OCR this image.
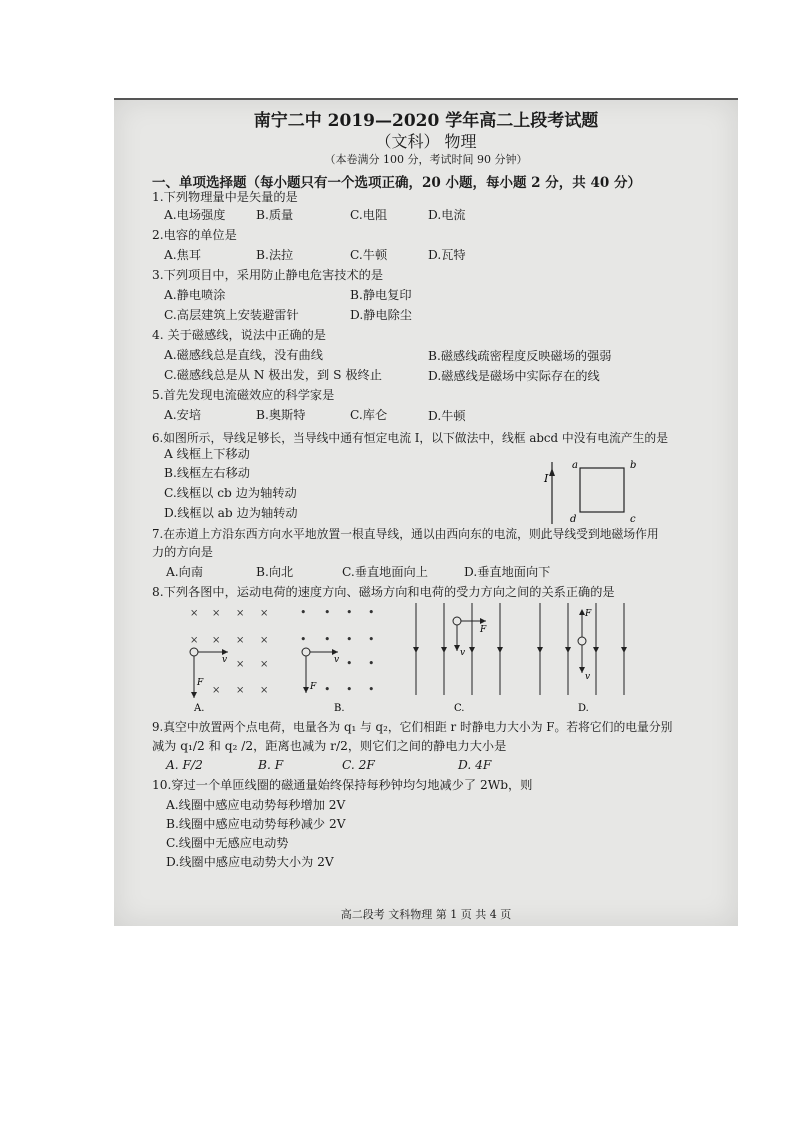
南宁二中 2019—2020 学年高二上段考试题
（文科） 物理
（本卷满分 100 分，考试时间 90 分钟）
一、单项选择题（每小题只有一个选项正确，20 小题，每小题 2 分，共 40 分）
1.下列物理量中是矢量的是
A.电场强度	B.质量	C.电阻	D.电流
2.电容的单位是
A.焦耳	B.法拉	C.牛顿	D.瓦特
3.下列项目中，采用防止静电危害技术的是
A.静电喷涂	B.静电复印
C.高层建筑上安装避雷针	D.静电除尘
4. 关于磁感线，说法中正确的是
A.磁感线总是直线，没有曲线	B.磁感线疏密程度反映磁场的强弱
C.磁感线总是从 N 极出发，到 S 极终止	D.磁感线是磁场中实际存在的线
5.首先发现电流磁效应的科学家是
A.安培	B.奥斯特	C.库仑	D.牛顿
6.如图所示，导线足够长，当导线中通有恒定电流 I，以下做法中，线框 abcd 中没有电流产生的是
A 线框上下移动
B.线框左右移动
C.线框以 cb 边为轴转动
D.线框以 ab 边为轴转动
I
a	b
c
d
7.在赤道上方沿东西方向水平地放置一根直导线，通以由西向东的电流，则此导线受到地磁场作用
力的方向是
A.向南	B.向北	C.垂直地面向上	D.垂直地面向下
8.下列各图中，运动电荷的速度方向、磁场方向和电荷的受力方向之间的关系正确的是
× × × ×
× × × ×
× ×
× × ×
v
F
A.
• • • •
• • • •
• •
• • •
v
F
B.
F
v
C.
F
v
D.
9.真空中放置两个点电荷，电量各为 q₁ 与 q₂，它们相距 r 时静电力大小为 F。若将它们的电量分别
减为 q₁/2 和 q₂ /2，距离也减为 r/2，则它们之间的静电力大小是
A. F/2	B. F	C. 2F	D. 4F
10.穿过一个单匝线圈的磁通量始终保持每秒钟均匀地减少了 2Wb，则
A.线圈中感应电动势每秒增加 2V
B.线圈中感应电动势每秒减少 2V
C.线圈中无感应电动势
D.线圈中感应电动势大小为 2V
高二段考 文科物理 第 1 页 共 4 页
